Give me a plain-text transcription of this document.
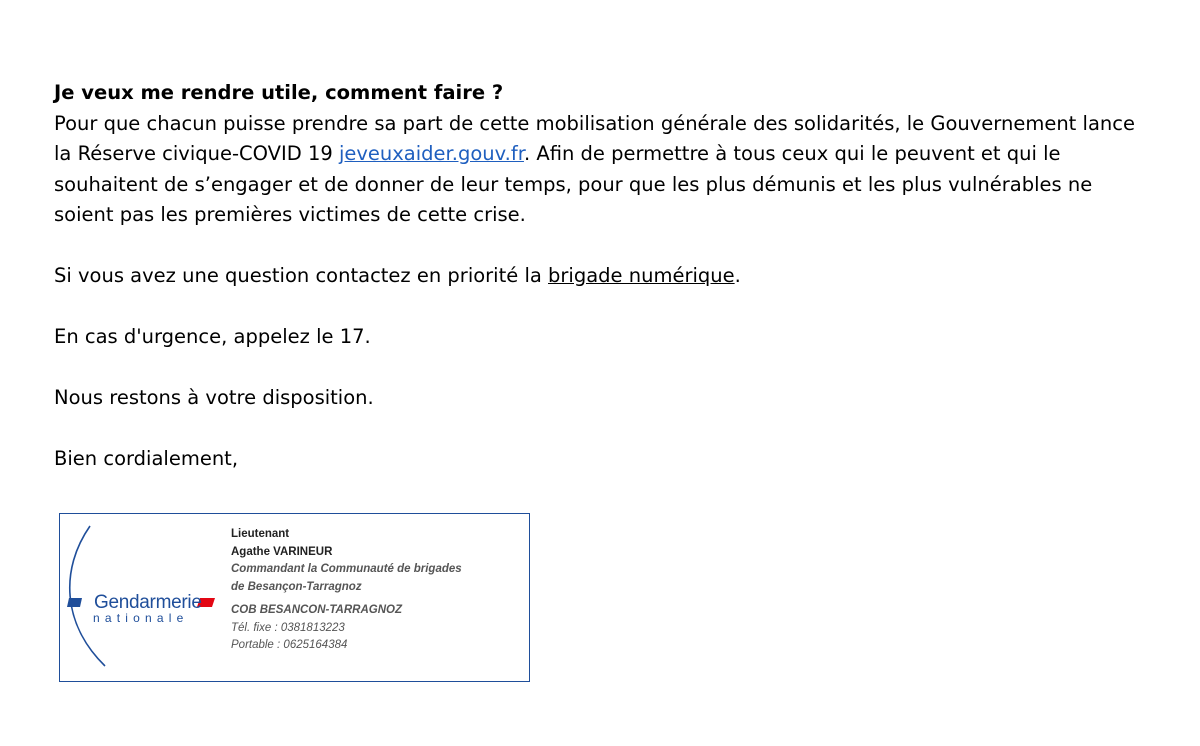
Je veux me rendre utile, comment faire ?

Pour que chacun puisse prendre sa part de cette mobilisation générale des solidarités, le Gouvernement lance la Réserve civique-COVID 19 jeveuxaider.gouv.fr. Afin de permettre à tous ceux qui le peuvent et qui le souhaitent de s’engager et de donner de leur temps, pour que les plus démunis et les plus vulnérables ne soient pas les premières victimes de cette crise.

Si vous avez une question contactez en priorité la brigade numérique.

En cas d'urgence, appelez le 17.

Nous restons à votre disposition.

Bien cordialement,

Gendarmerie
nationale
Lieutenant
Agathe VARINEUR
Commandant la Communauté de brigades
de Besançon-Tarragnoz
COB BESANCON-TARRAGNOZ
Tél. fixe : 0381813223
Portable : 0625164384
